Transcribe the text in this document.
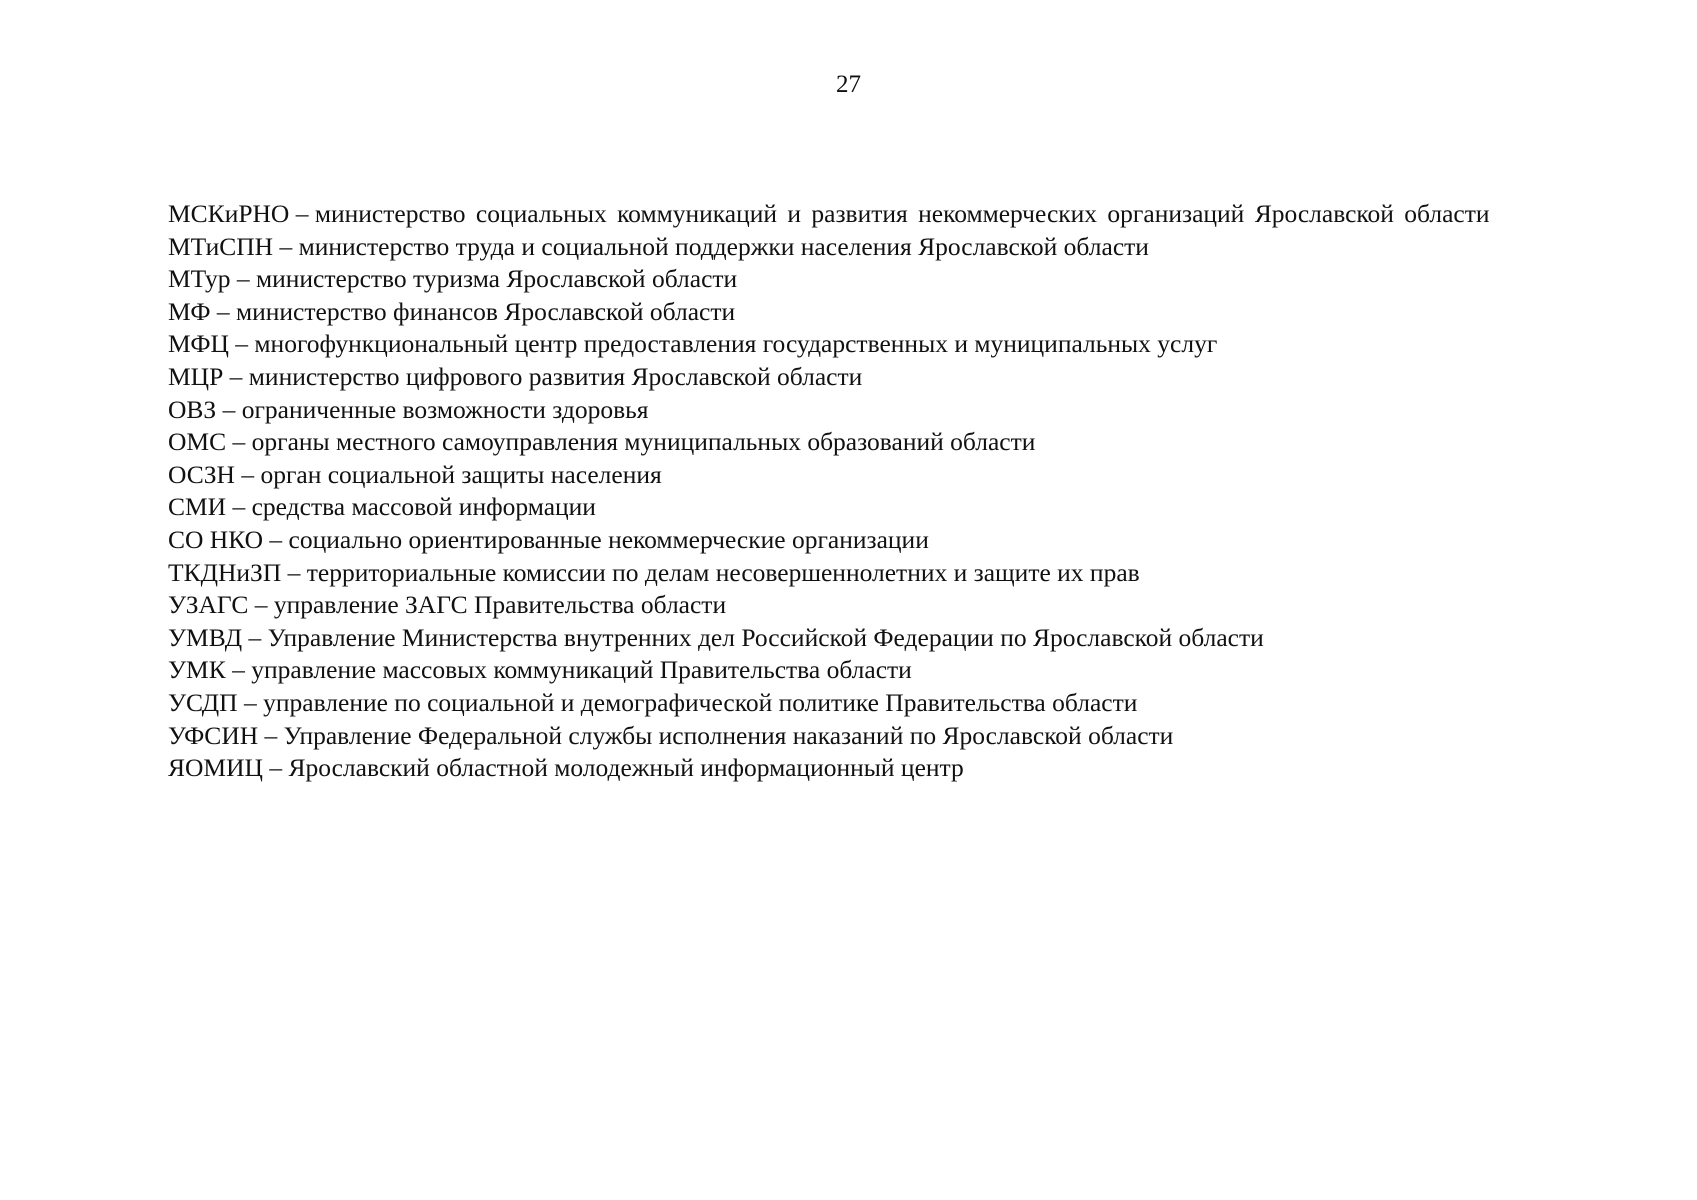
27
МСКиРНО – министерство социальных коммуникаций и развития некоммерческих организаций Ярославской области
МТиСПН – министерство труда и социальной поддержки населения Ярославской области
МТур – министерство туризма Ярославской области
МФ – министерство финансов Ярославской области
МФЦ – многофункциональный центр предоставления государственных и муниципальных услуг
МЦР – министерство цифрового развития Ярославской области
ОВЗ – ограниченные возможности здоровья
ОМС – органы местного самоуправления муниципальных образований области
ОСЗН – орган социальной защиты населения
СМИ – средства массовой информации
СО НКО – социально ориентированные некоммерческие организации
ТКДНиЗП – территориальные комиссии по делам несовершеннолетних и защите их прав
УЗАГС – управление ЗАГС Правительства области
УМВД – Управление Министерства внутренних дел Российской Федерации по Ярославской области
УМК – управление массовых коммуникаций Правительства области
УСДП – управление по социальной и демографической политике Правительства области
УФСИН – Управление Федеральной службы исполнения наказаний по Ярославской области
ЯОМИЦ – Ярославский областной молодежный информационный центр
